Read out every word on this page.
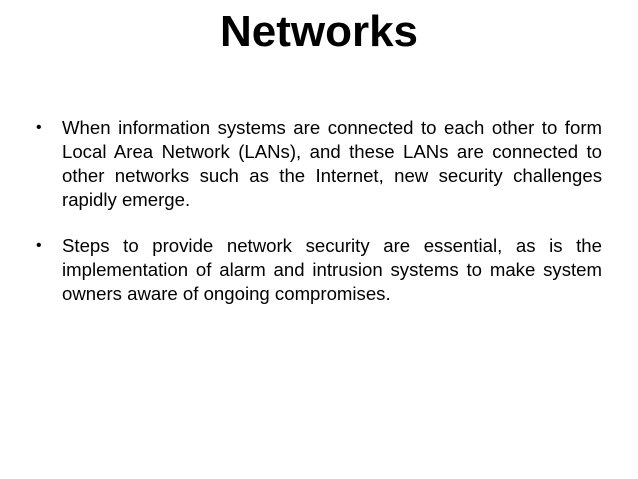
Networks
• When information systems are connected to each other to form Local Area Network (LANs), and these LANs are connected to other networks such as the Internet, new security challenges rapidly emerge.
• Steps to provide network security are essential, as is the implementation of alarm and intrusion systems to make system owners aware of ongoing compromises.
